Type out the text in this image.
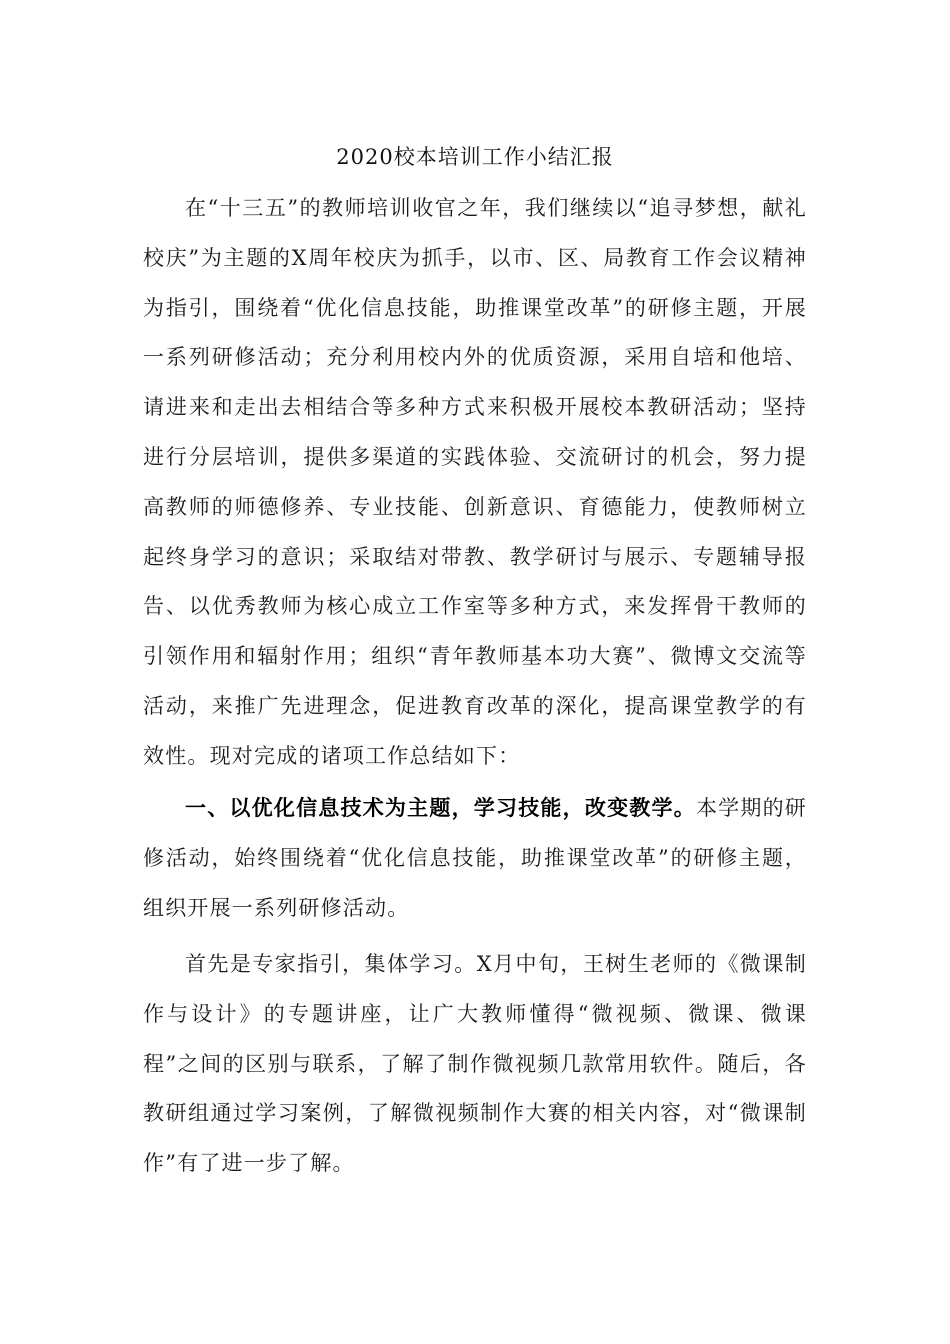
2020校本培训工作小结汇报

在“十三五”的教师培训收官之年，我们继续以“追寻梦想，献礼校庆”为主题的X周年校庆为抓手，以市、区、局教育工作会议精神为指引，围绕着“优化信息技能，助推课堂改革”的研修主题，开展一系列研修活动；充分利用校内外的优质资源，采用自培和他培、请进来和走出去相结合等多种方式来积极开展校本教研活动；坚持进行分层培训，提供多渠道的实践体验、交流研讨的机会，努力提高教师的师德修养、专业技能、创新意识、育德能力，使教师树立起终身学习的意识；采取结对带教、教学研讨与展示、专题辅导报告、以优秀教师为核心成立工作室等多种方式，来发挥骨干教师的引领作用和辐射作用；组织“青年教师基本功大赛”、微博文交流等活动，来推广先进理念，促进教育改革的深化，提高课堂教学的有效性。现对完成的诸项工作总结如下：

一、以优化信息技术为主题，学习技能，改变教学。本学期的研修活动，始终围绕着“优化信息技能，助推课堂改革”的研修主题，组织开展一系列研修活动。

首先是专家指引，集体学习。X月中旬，王树生老师的《微课制作与设计》的专题讲座，让广大教师懂得“微视频、微课、微课程”之间的区别与联系，了解了制作微视频几款常用软件。随后，各教研组通过学习案例，了解微视频制作大赛的相关内容，对“微课制作”有了进一步了解。
